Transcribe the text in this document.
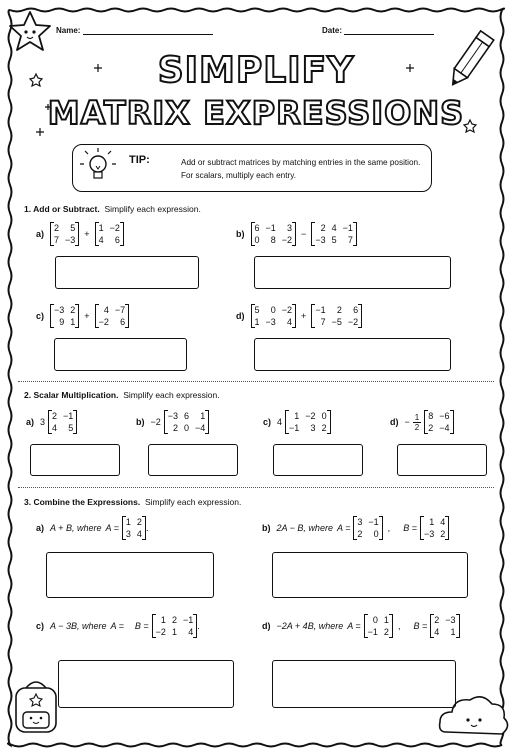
Name:	Date:
SIMPLIFY
MATRIX EXPRESSIONS
TIP:	Add or subtract matrices by matching entries in the same position. For scalars, multiply each entry.
1. Add or Subtract. Simplify each expression.
a)
2	5
7 −3
+
1 −2
4	6
b)
6 −1	3
0	8 −2
−
2 4 −1
−3 5	7
c)
−3 2
9 1
+
4 −7
−2	6
d)
5	0 −2
1 −3	4
+
−1	2	6
7 −5 −2
2. Scalar Multiplication. Simplify each expression.
a) 3
2 −1
4	5
b) −2
−3 6	1
2 0 −4
c) 4
1 −2 0
−1	3 2
$d) - \frac{1}{2} 8 -6$
2 −4
3. Combine the Expressions. Simplify each expression.
a) A + B, where A =
1 2
3 4
.	b) 2A − B, where A =
3 −1
2	0
, B =
1 4
−3 2
c) A − 3B, where A = B =
1 2 −1
−2 1	4
.	d) −2A + 4B, where A =
0 1
−1 2
, B =
2 −3
4	1
